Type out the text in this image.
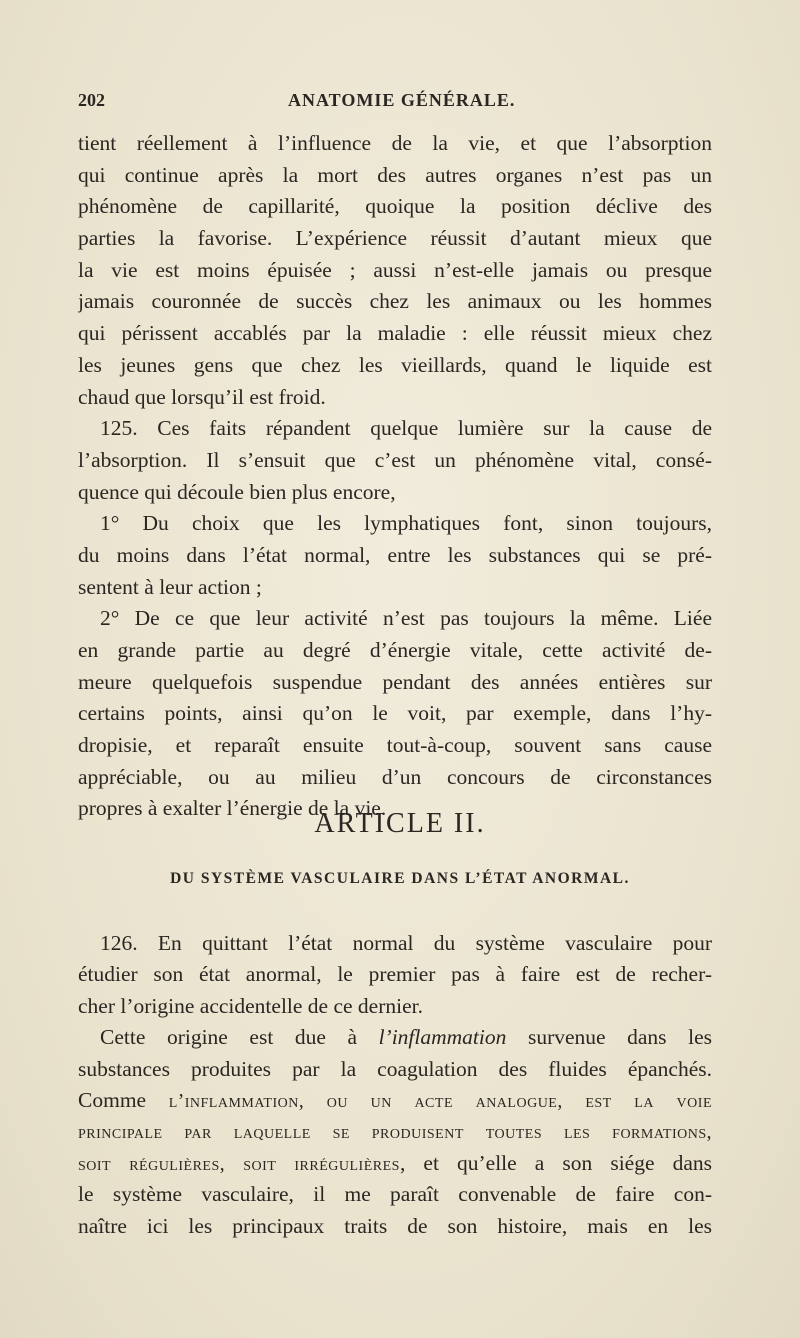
202	ANATOMIE GÉNÉRALE.
tient réellement à l’influence de la vie, et que l’absorption
qui continue après la mort des autres organes n’est pas un
phénomène de capillarité, quoique la position déclive des
parties la favorise. L’expérience réussit d’autant mieux que
la vie est moins épuisée ; aussi n’est-elle jamais ou presque
jamais couronnée de succès chez les animaux ou les hommes
qui périssent accablés par la maladie : elle réussit mieux chez
les jeunes gens que chez les vieillards, quand le liquide est
chaud que lorsqu’il est froid.
125. Ces faits répandent quelque lumière sur la cause de
l’absorption. Il s’ensuit que c’est un phénomène vital, consé-
quence qui découle bien plus encore,
1° Du choix que les lymphatiques font, sinon toujours,
du moins dans l’état normal, entre les substances qui se pré-
sentent à leur action ;
2° De ce que leur activité n’est pas toujours la même. Liée
en grande partie au degré d’énergie vitale, cette activité de-
meure quelquefois suspendue pendant des années entières sur
certains points, ainsi qu’on le voit, par exemple, dans l’hy-
dropisie, et reparaît ensuite tout-à-coup, souvent sans cause
appréciable, ou au milieu d’un concours de circonstances
propres à exalter l’énergie de la vie.
ARTICLE II.
DU SYSTÈME VASCULAIRE DANS L’ÉTAT ANORMAL.
126. En quittant l’état normal du système vasculaire pour
étudier son état anormal, le premier pas à faire est de recher-
cher l’origine accidentelle de ce dernier.
Cette origine est due à l’inflammation survenue dans les
substances produites par la coagulation des fluides épanchés.
Comme l’inflammation, ou un acte analogue, est la voie
principale par laquelle se produisent toutes les formations,
soit régulières, soit irrégulières, et qu’elle a son siége dans
le système vasculaire, il me paraît convenable de faire con-
naître ici les principaux traits de son histoire, mais en les
